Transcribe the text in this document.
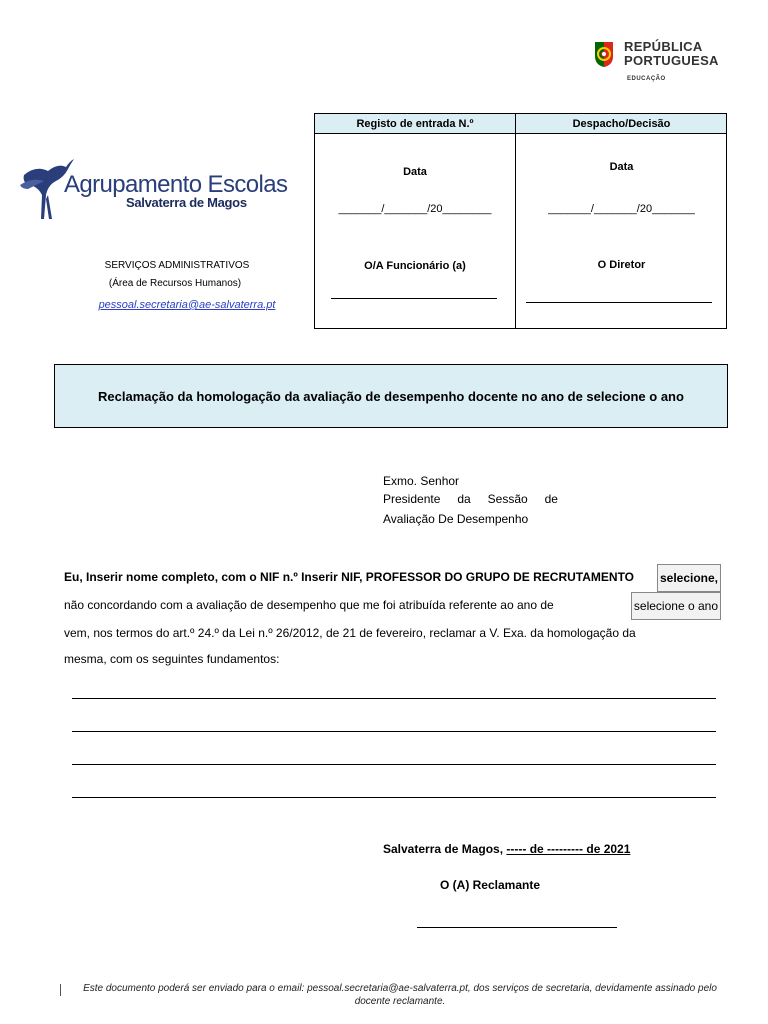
REPÚBLICA
PORTUGUESA
EDUCAÇÃO
Agrupamento Escolas
Salvaterra de Magos
SERVIÇOS ADMINISTRATIVOS
(Área de Recursos Humanos)
pessoal.secretaria@ae-salvaterra.pt
Registo de entrada N.º	Despacho/Decisão
Data
_______/_______/20________
O/A Funcionário (a)
Data
_______/_______/20_______
O Diretor
Reclamação da homologação da avaliação de desempenho docente no ano de selecione o ano
Exmo. Senhor
Presidente da Sessão de
Avaliação De Desempenho
Eu, Inserir nome completo, com o NIF n.º Inserir NIF, PROFESSOR DO GRUPO DE RECRUTAMENTO selecione,
não concordando com a avaliação de desempenho que me foi atribuída referente ao ano de	selecione o ano
vem, nos termos do art.º 24.º da Lei n.º 26/2012, de 21 de fevereiro, reclamar a V. Exa. da homologação da
mesma, com os seguintes fundamentos:
Salvaterra de Magos, ----- de --------- de 2021
O (A) Reclamante
Este documento poderá ser enviado para o email: pessoal.secretaria@ae-salvaterra.pt, dos serviços de secretaria, devidamente assinado pelo
docente reclamante.
